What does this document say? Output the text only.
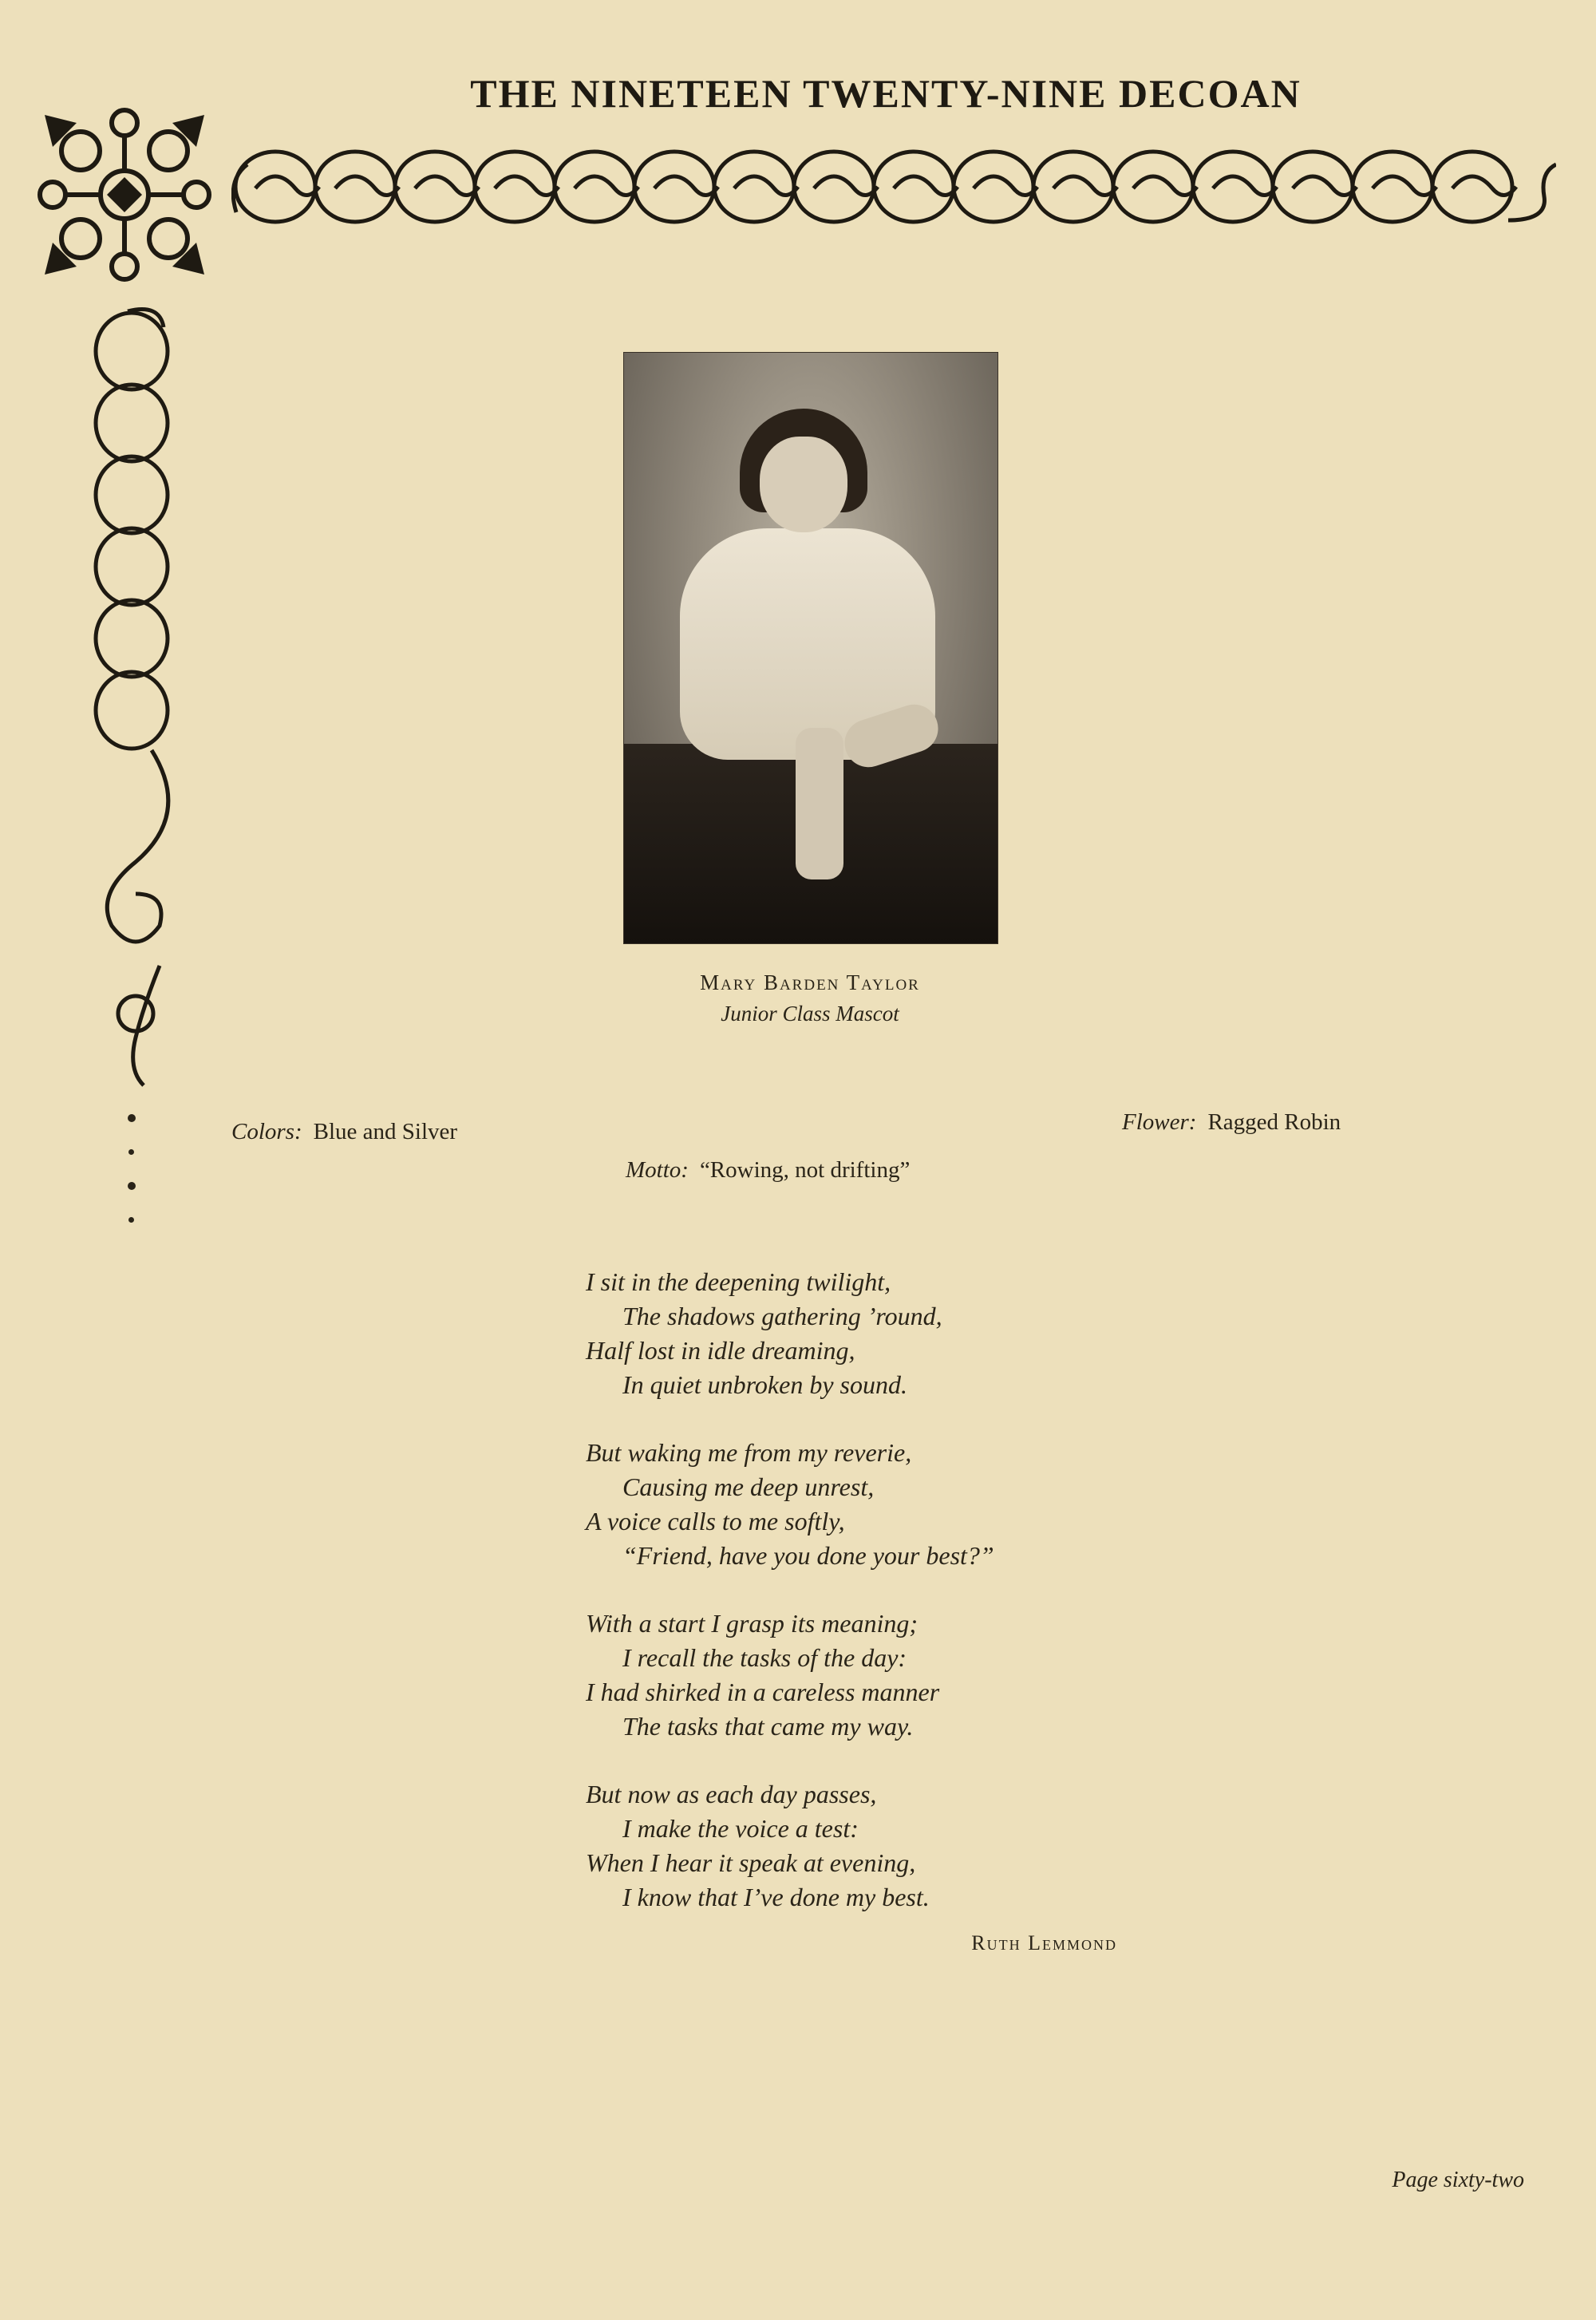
THE NINETEEN TWENTY-NINE DECOAN
Mary Barden Taylor
Junior Class Mascot
Colors: Blue and Silver	Flower: Ragged Robin
Motto: “Rowing, not drifting”
I sit in the deepening twilight,
The shadows gathering ’round,
Half lost in idle dreaming,
In quiet unbroken by sound.
But waking me from my reverie,
Causing me deep unrest,
A voice calls to me softly,
“Friend, have you done your best?”
With a start I grasp its meaning;
I recall the tasks of the day:
I had shirked in a careless manner
The tasks that came my way.
But now as each day passes,
I make the voice a test:
When I hear it speak at evening,
I know that I’ve done my best.
Ruth Lemmond
Page sixty-two
